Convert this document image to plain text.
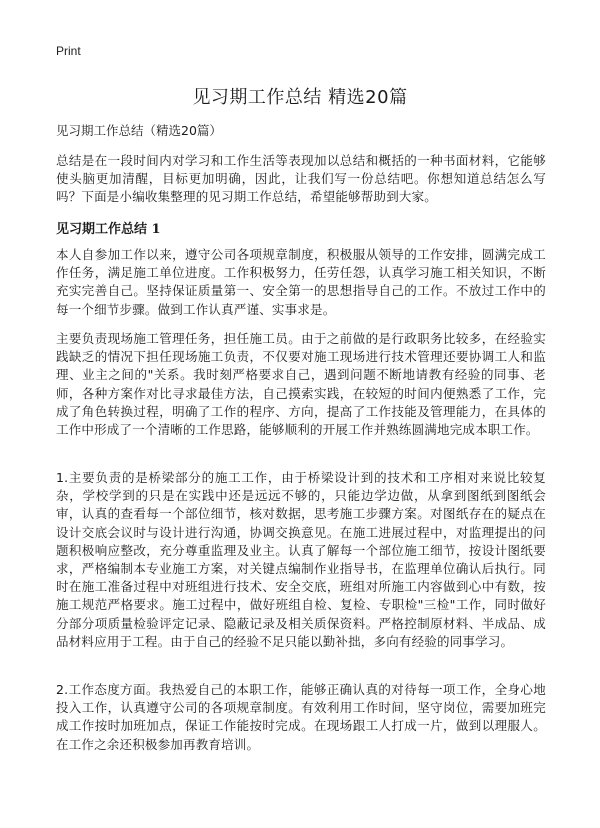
Print
见习期工作总结 精选20篇

见习期工作总结（精选20篇）

总结是在一段时间内对学习和工作生活等表现加以总结和概括的一种书面材料，它能够使头脑更加清醒，目标更加明确，因此，让我们写一份总结吧。你想知道总结怎么写吗？下面是小编收集整理的见习期工作总结，希望能够帮助到大家。

见习期工作总结 1

本人自参加工作以来，遵守公司各项规章制度，积极服从领导的工作安排，圆满完成工作任务，满足施工单位进度。工作积极努力，任劳任怨，认真学习施工相关知识，不断充实完善自己。坚持保证质量第一、安全第一的思想指导自己的工作。不放过工作中的每一个细节步骤。做到工作认真严谨、实事求是。

主要负责现场施工管理任务，担任施工员。由于之前做的是行政职务比较多，在经验实践缺乏的情况下担任现场施工负责，不仅要对施工现场进行技术管理还要协调工人和监理、业主之间的"关系。我时刻严格要求自己，遇到问题不断地请教有经验的同事、老师，各种方案作对比寻求最佳方法，自己摸索实践，在较短的时间内便熟悉了工作，完成了角色转换过程，明确了工作的程序、方向，提高了工作技能及管理能力，在具体的工作中形成了一个清晰的工作思路，能够顺利的开展工作并熟练圆满地完成本职工作。

1.主要负责的是桥梁部分的施工工作，由于桥梁设计到的技术和工序相对来说比较复杂，学校学到的只是在实践中还是远远不够的，只能边学边做，从拿到图纸到图纸会审，认真的查看每一个部位细节，核对数据，思考施工步骤方案。对图纸存在的疑点在设计交底会议时与设计进行沟通，协调交换意见。在施工进展过程中，对监理提出的问题积极响应整改，充分尊重监理及业主。认真了解每一个部位施工细节，按设计图纸要求，严格编制本专业施工方案，对关键点编制作业指导书，在监理单位确认后执行。同时在施工准备过程中对班组进行技术、安全交底，班组对所施工内容做到心中有数，按施工规范严格要求。施工过程中，做好班组自检、复检、专职检"三检"工作，同时做好分部分项质量检验评定记录、隐蔽记录及相关质保资料。严格控制原材料、半成品、成品材料应用于工程。由于自己的经验不足只能以勤补拙，多向有经验的同事学习。

2.工作态度方面。我热爱自己的本职工作，能够正确认真的对待每一项工作，全身心地投入工作，认真遵守公司的各项规章制度。有效利用工作时间，坚守岗位，需要加班完成工作按时加班加点，保证工作能按时完成。在现场跟工人打成一片，做到以理服人。在工作之余还积极参加再教育培训。
